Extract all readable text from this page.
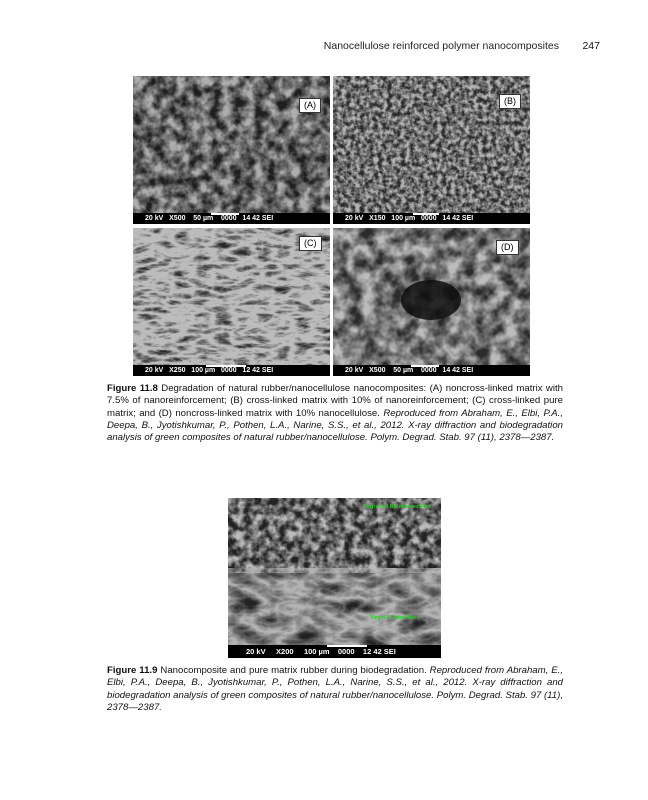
Nanocellulose reinforced polymer nanocomposites 247
(A)
20 kV   X500    50 µm    0000   14 42 SEI
(B)
20 kV   X150   100 µm   0000   14 42 SEI
(C)
20 kV   X250   100 µm   0000   12 42 SEI
(D)
20 kV   X500    50 µm    0000   14 42 SEI
Figure 11.8 Degradation of natural rubber/nanocellulose nanocomposites: (A) noncross-linked matrix with 7.5% of nanoreinforcement; (B) cross-linked matrix with 10% of nanoreinforcement; (C) cross-linked pure matrix; and (D) noncross-linked matrix with 10% nanocellulose. Reproduced from Abraham, E., Elbi, P.A., Deepa, B., Jyotishkumar, P., Pothen, L.A., Narine, S.S., et al., 2012. X-ray diffraction and biodegradation analysis of green composites of natural rubber/nanocellulose. Polym. Degrad. Stab. 97 (11), 2378—2387.
Degraded Reinforced Part
Virgin Rubber Part
20 kV     X200     100 µm    0000    12 42 SEI
Figure 11.9 Nanocomposite and pure matrix rubber during biodegradation. Reproduced from Abraham, E., Elbi, P.A., Deepa, B., Jyotishkumar, P., Pothen, L.A., Narine, S.S., et al., 2012. X-ray diffraction and biodegradation analysis of green composites of natural rubber/nanocellulose. Polym. Degrad. Stab. 97 (11), 2378—2387.
